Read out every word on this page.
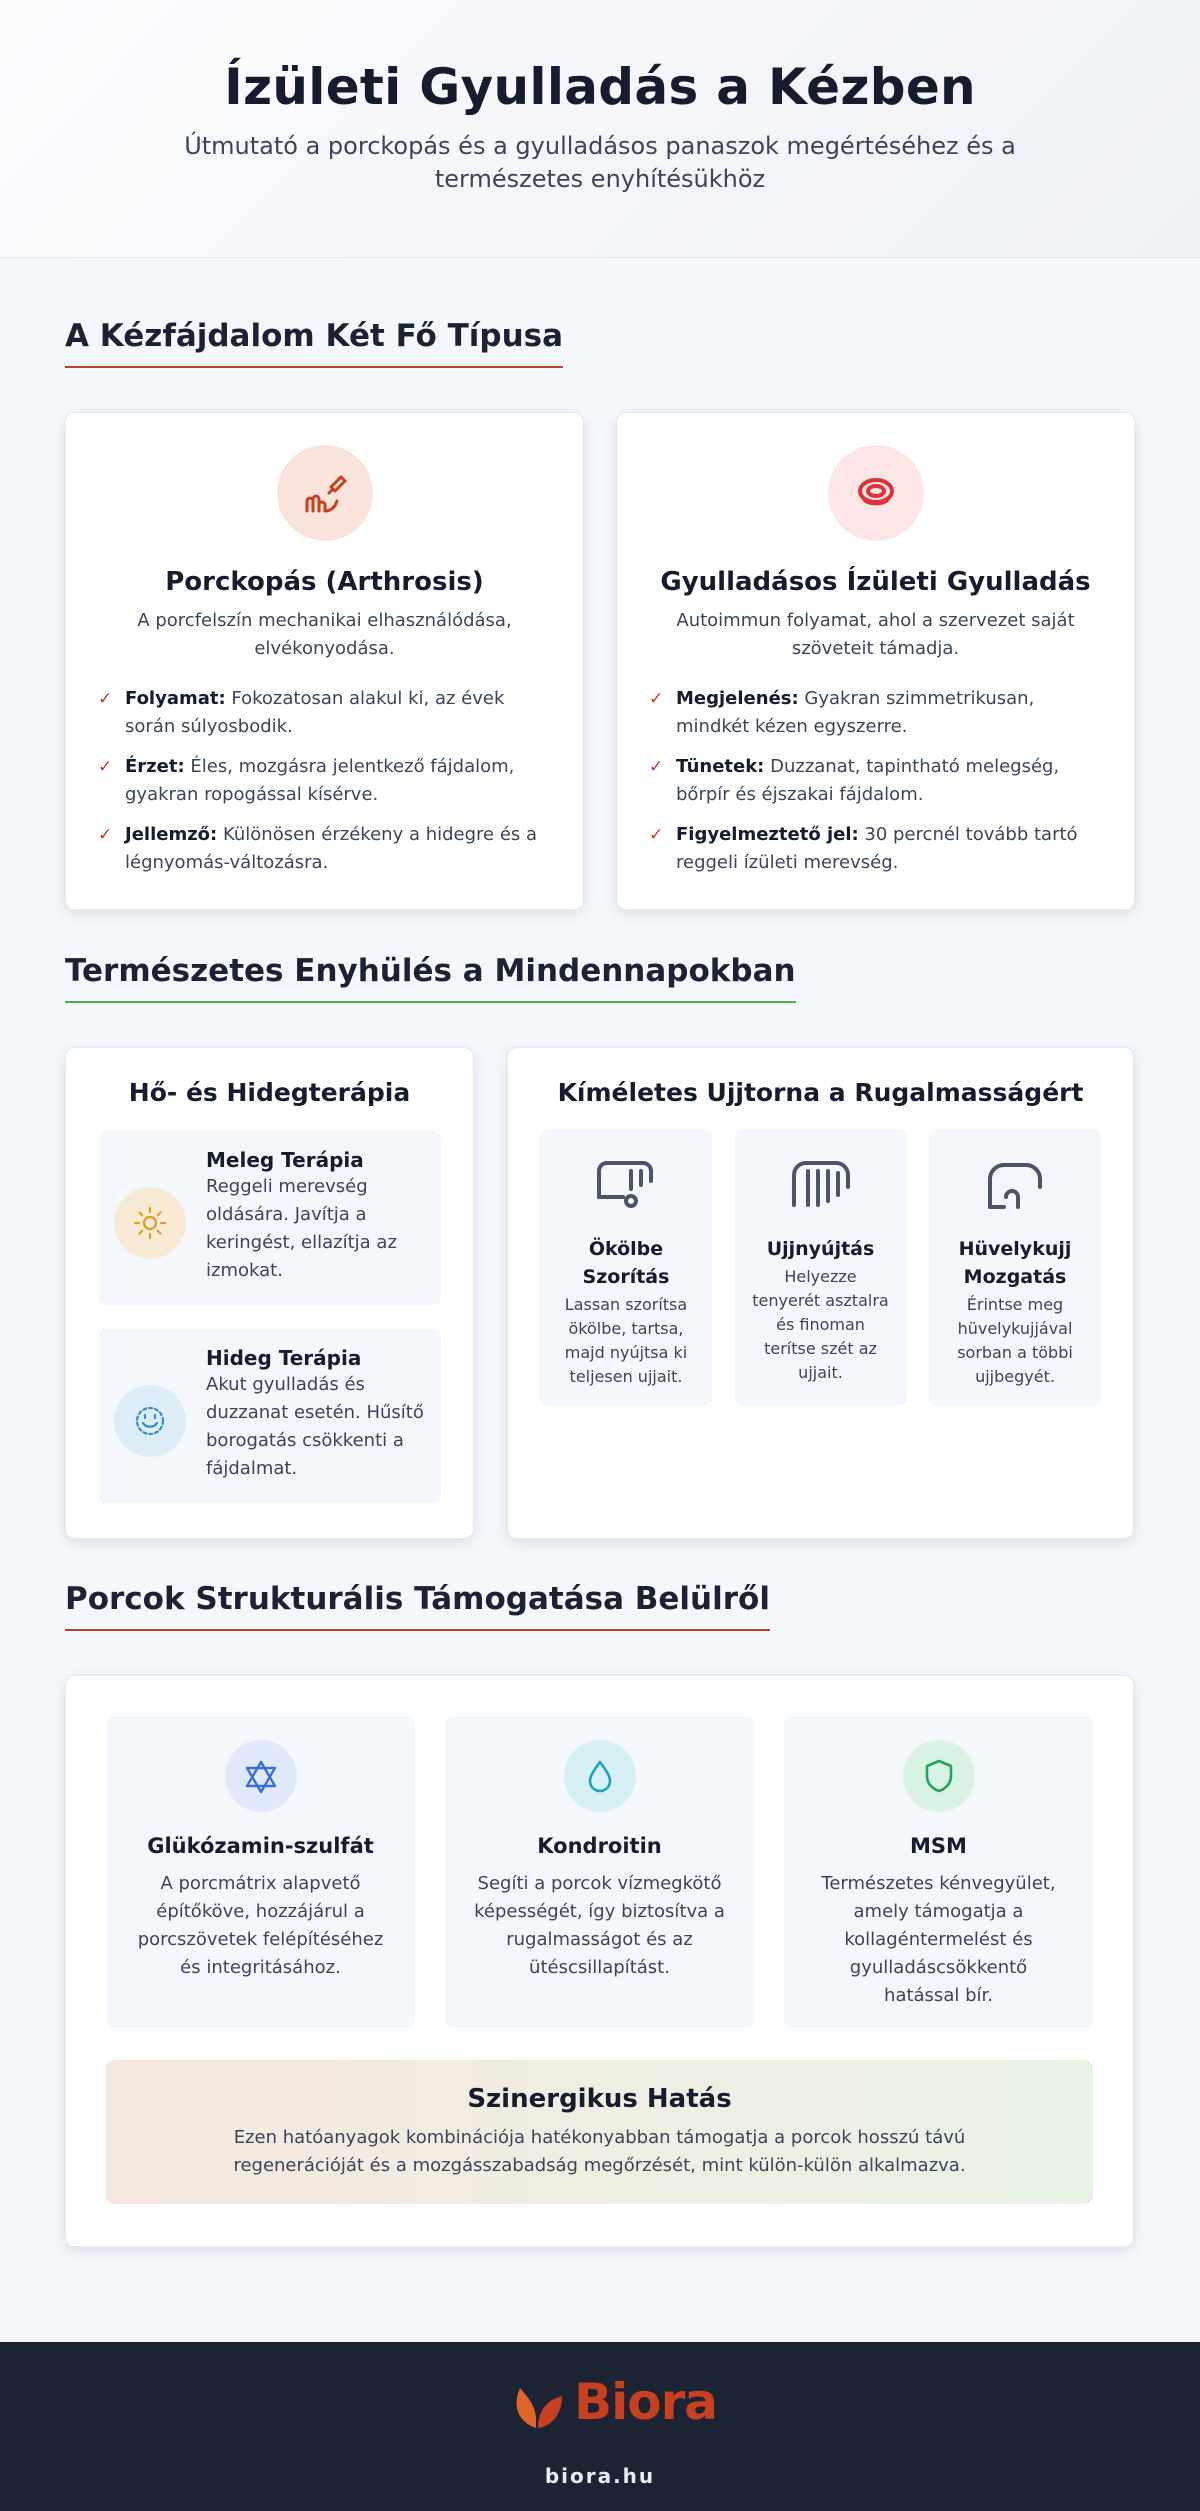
Ízületi Gyulladás a Kézben

Útmutató a porckopás és a gyulladásos panaszok megértéséhez és a természetes enyhítésükhöz

A Kézfájdalom Két Fő Típusa
Porckopás (Arthrosis)

A porcfelszín mechanikai elhasználódása, elvékonyodása.

✓ Folyamat: Fokozatosan alakul ki, az évek során súlyosbodik.
✓ Érzet: Éles, mozgásra jelentkező fájdalom, gyakran ropogással kísérve.
✓ Jellemző: Különösen érzékeny a hidegre és a légnyomás-változásra.
Gyulladásos Ízületi Gyulladás

Autoimmun folyamat, ahol a szervezet saját szöveteit támadja.

✓ Megjelenés: Gyakran szimmetrikusan, mindkét kézen egyszerre.
✓ Tünetek: Duzzanat, tapintható melegség, bőrpír és éjszakai fájdalom.
✓ Figyelmeztető jel: 30 percnél tovább tartó reggeli ízületi merevség.
Természetes Enyhülés a Mindennapokban
Hő- és Hidegterápia
Meleg Terápia

Reggeli merevség oldására. Javítja a keringést, ellazítja az izmokat.

Hideg Terápia

Akut gyulladás és duzzanat esetén. Hűsítő borogatás csökkenti a fájdalmat.

Kíméletes Ujjtorna a Rugalmasságért
Ökölbe Szorítás

Lassan szorítsa ökölbe, tartsa, majd nyújtsa ki teljesen ujjait.

Ujjnyújtás

Helyezze tenyerét asztalra és finoman terítse szét az ujjait.

Hüvelykujj Mozgatás

Érintse meg hüvelykujjával sorban a többi ujjbegyét.

Porcok Strukturális Támogatása Belülről
Glükózamin-szulfát

A porcmátrix alapvető építőköve, hozzájárul a porcszövetek felépítéséhez és integritásához.

Kondroitin

Segíti a porcok vízmegkötő képességét, így biztosítva a rugalmasságot és az ütéscsillapítást.

MSM

Természetes kénvegyület, amely támogatja a kollagéntermelést és gyulladáscsökkentő hatással bír.

Szinergikus Hatás

Ezen hatóanyagok kombinációja hatékonyabban támogatja a porcok hosszú távú regenerációját és a mozgásszabadság megőrzését, mint külön-külön alkalmazva.

Biora
biora.hu
